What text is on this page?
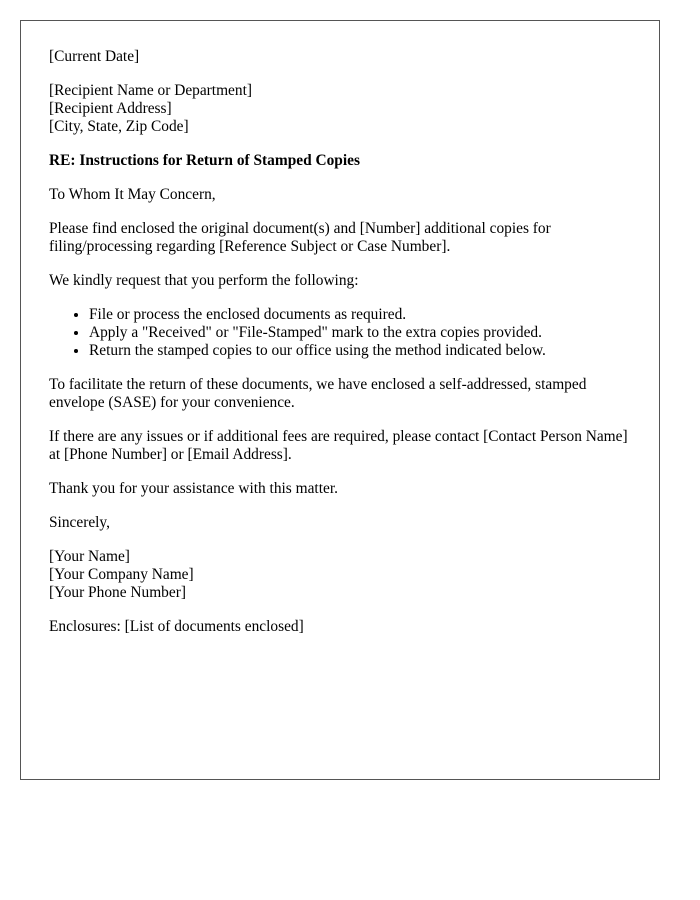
[Current Date]

[Recipient Name or Department]
[Recipient Address]
[City, State, Zip Code]

RE: Instructions for Return of Stamped Copies

To Whom It May Concern,

Please find enclosed the original document(s) and [Number] additional copies for filing/processing regarding [Reference Subject or Case Number].

We kindly request that you perform the following:

• File or process the enclosed documents as required.
• Apply a "Received" or "File-Stamped" mark to the extra copies provided.
• Return the stamped copies to our office using the method indicated below.

To facilitate the return of these documents, we have enclosed a self-addressed, stamped envelope (SASE) for your convenience.

If there are any issues or if additional fees are required, please contact [Contact Person Name] at [Phone Number] or [Email Address].

Thank you for your assistance with this matter.

Sincerely,

[Your Name]
[Your Company Name]
[Your Phone Number]

Enclosures: [List of documents enclosed]
